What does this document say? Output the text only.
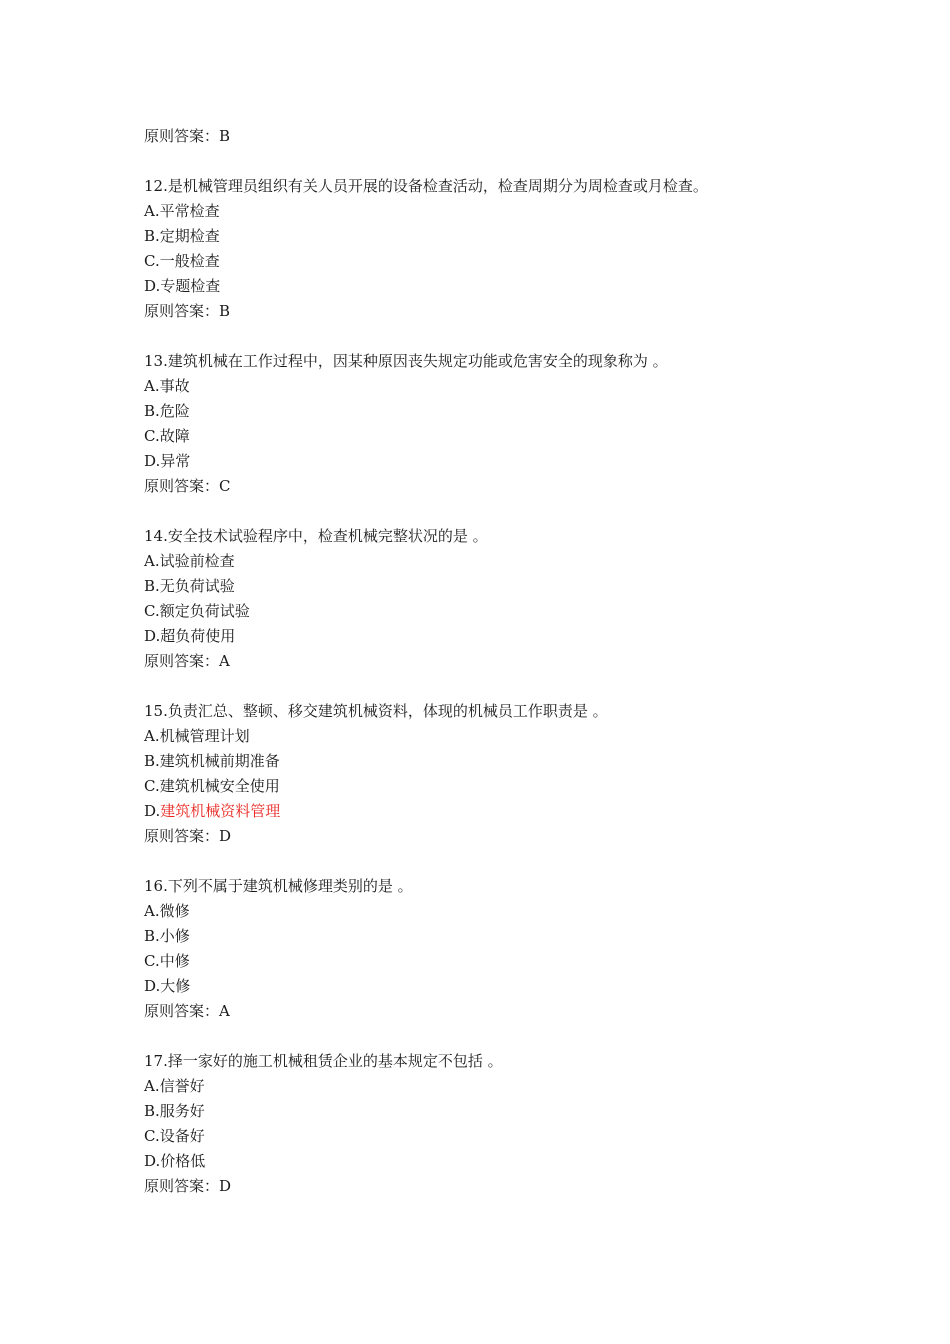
原则答案：B
12.是机械管理员组织有关人员开展的设备检查活动，检查周期分为周检查或月检查。
A.平常检查
B.定期检查
C.一般检查
D.专题检查
原则答案：B
13.建筑机械在工作过程中，因某种原因丧失规定功能或危害安全的现象称为 。
A.事故
B.危险
C.故障
D.异常
原则答案：C
14.安全技术试验程序中，检查机械完整状况的是 。
A.试验前检查
B.无负荷试验
C.额定负荷试验
D.超负荷使用
原则答案：A
15.负责汇总、整顿、移交建筑机械资料，体现的机械员工作职责是 。
A.机械管理计划
B.建筑机械前期准备
C.建筑机械安全使用
D.建筑机械资料管理
原则答案：D
16.下列不属于建筑机械修理类别的是 。
A.微修
B.小修
C.中修
D.大修
原则答案：A
17.择一家好的施工机械租赁企业的基本规定不包括 。
A.信誉好
B.服务好
C.设备好
D.价格低
原则答案：D
